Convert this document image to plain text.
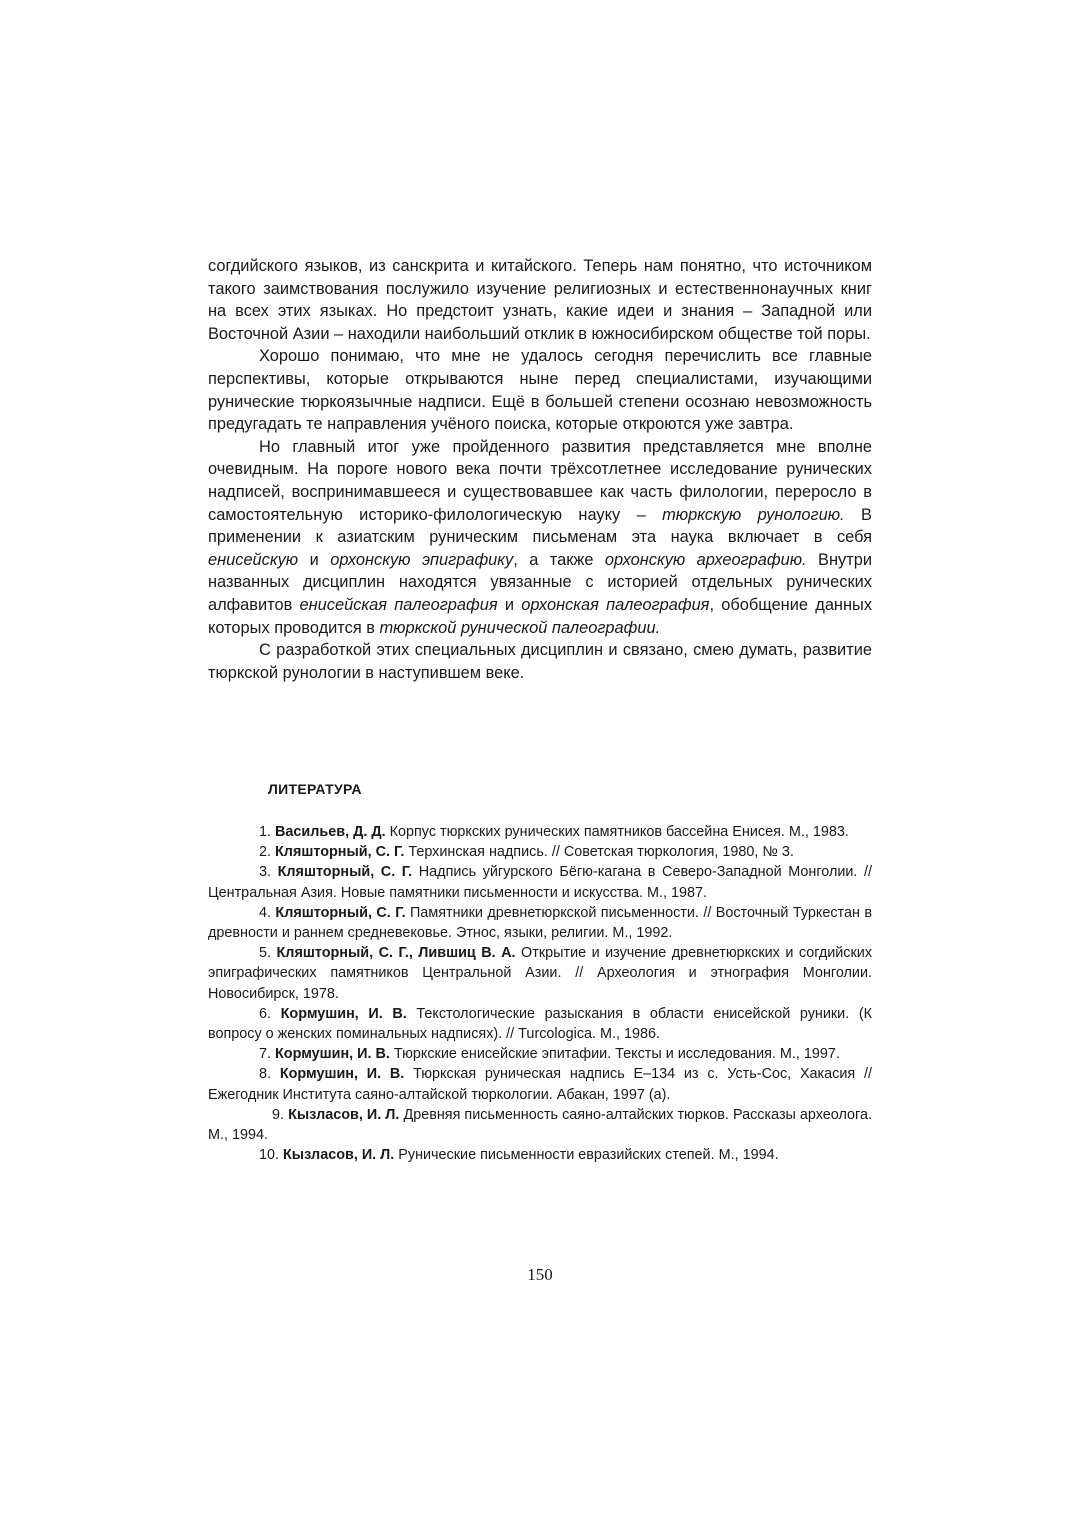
согдийского языков, из санскрита и китайского. Теперь нам понятно, что источником такого заимствования послужило изучение религиозных и естественнонаучных книг на всех этих языках. Но предстоит узнать, какие идеи и знания – Западной или Восточной Азии – находили наибольший отклик в южносибирском обществе той поры.

Хорошо понимаю, что мне не удалось сегодня перечислить все главные перспективы, которые открываются ныне перед специалистами, изучающими рунические тюркоязычные надписи. Ещё в большей степени осознаю невозможность предугадать те направления учёного поиска, которые откроются уже завтра.

Но главный итог уже пройденного развития представляется мне вполне очевидным. На пороге нового века почти трёхсотлетнее исследование рунических надписей, воспринимавшееся и существовавшее как часть филологии, переросло в самостоятельную историко-филологическую науку – тюркскую рунологию. В применении к азиатским руническим письменам эта наука включает в себя енисейскую и орхонскую эпиграфику, а также орхонскую археографию. Внутри названных дисциплин находятся увязанные с историей отдельных рунических алфавитов енисейская палеография и орхонская палеография, обобщение данных которых проводится в тюркской рунической палеографии.

С разработкой этих специальных дисциплин и связано, смею думать, развитие тюркской рунологии в наступившем веке.

ЛИТЕРАТУРА

1. Васильев, Д. Д. Корпус тюркских рунических памятников бассейна Енисея. М., 1983.

2. Кляшторный, С. Г. Терхинская надпись. // Советская тюркология, 1980, № 3.

3. Кляшторный, С. Г. Надпись уйгурского Бёгю-кагана в Северо-Западной Монголии. // Центральная Азия. Новые памятники письменности и искусства. М., 1987.

4. Кляшторный, С. Г. Памятники древнетюркской письменности. // Восточный Туркестан в древности и раннем средневековье. Этнос, языки, религии. М., 1992.

5. Кляшторный, С. Г., Лившиц В. А. Открытие и изучение древнетюркских и согдийских эпиграфических памятников Центральной Азии. // Археология и этнография Монголии. Новосибирск, 1978.

6. Кормушин, И. В. Текстологические разыскания в области енисейской руники. (К вопросу о женских поминальных надписях). // Turcologica. М., 1986.

7. Кормушин, И. В. Тюркские енисейские эпитафии. Тексты и исследования. М., 1997.

8. Кормушин, И. В. Тюркская руническая надпись Е–134 из с. Усть-Сос, Хакасия // Ежегодник Института саяно-алтайской тюркологии. Абакан, 1997 (а).

9. Кызласов, И. Л. Древняя письменность саяно-алтайских тюрков. Рассказы археолога. М., 1994.

10. Кызласов, И. Л. Рунические письменности евразийских степей. М., 1994.

150
